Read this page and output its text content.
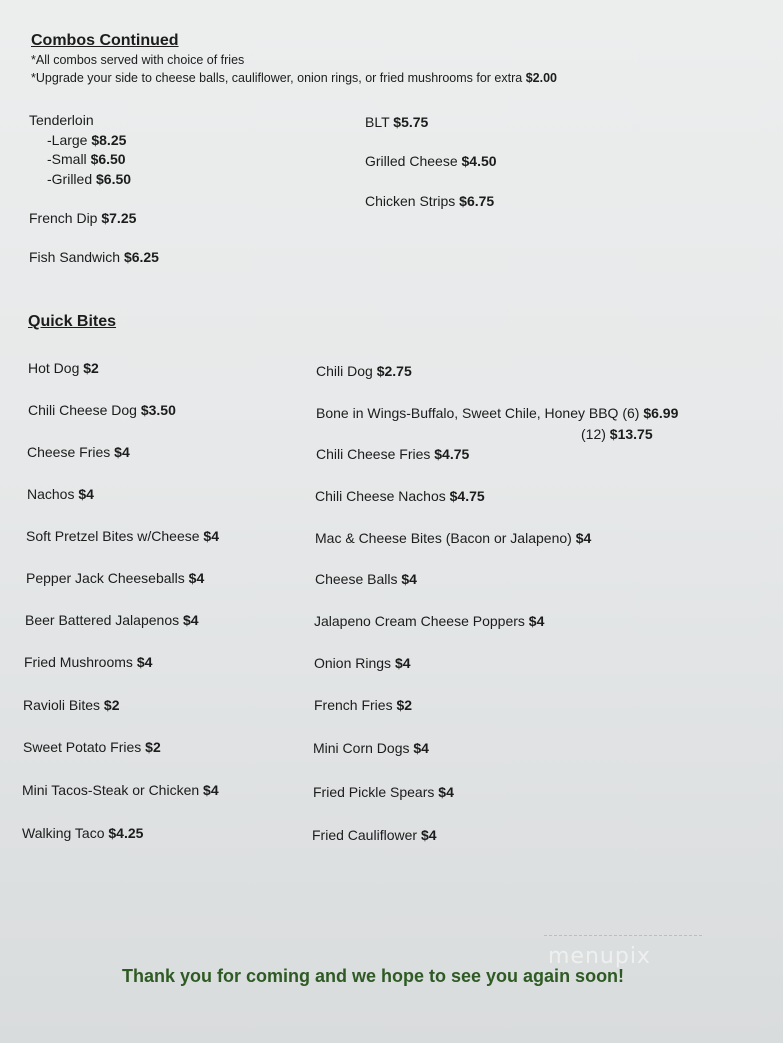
Combos Continued
*All combos served with choice of fries
*Upgrade your side to cheese balls, cauliflower, onion rings, or fried mushrooms for extra $2.00
Tenderloin
-Large $8.25
-Small $6.50
-Grilled $6.50
French Dip $7.25
Fish Sandwich $6.25
BLT $5.75
Grilled Cheese $4.50
Chicken Strips $6.75
Quick Bites
Hot Dog $2
Chili Cheese Dog $3.50
Cheese Fries $4
Nachos $4
Soft Pretzel Bites w/Cheese $4
Pepper Jack Cheeseballs $4
Beer Battered Jalapenos $4
Fried Mushrooms $4
Ravioli Bites $2
Sweet Potato Fries $2
Mini Tacos-Steak or Chicken $4
Walking Taco $4.25
Chili Dog $2.75
Bone in Wings-Buffalo, Sweet Chile, Honey BBQ (6) $6.99
(12) $13.75
Chili Cheese Fries $4.75
Chili Cheese Nachos $4.75
Mac & Cheese Bites (Bacon or Jalapeno) $4
Cheese Balls $4
Jalapeno Cream Cheese Poppers $4
Onion Rings $4
French Fries $2
Mini Corn Dogs $4
Fried Pickle Spears $4
Fried Cauliflower $4
menupix
Thank you for coming and we hope to see you again soon!
